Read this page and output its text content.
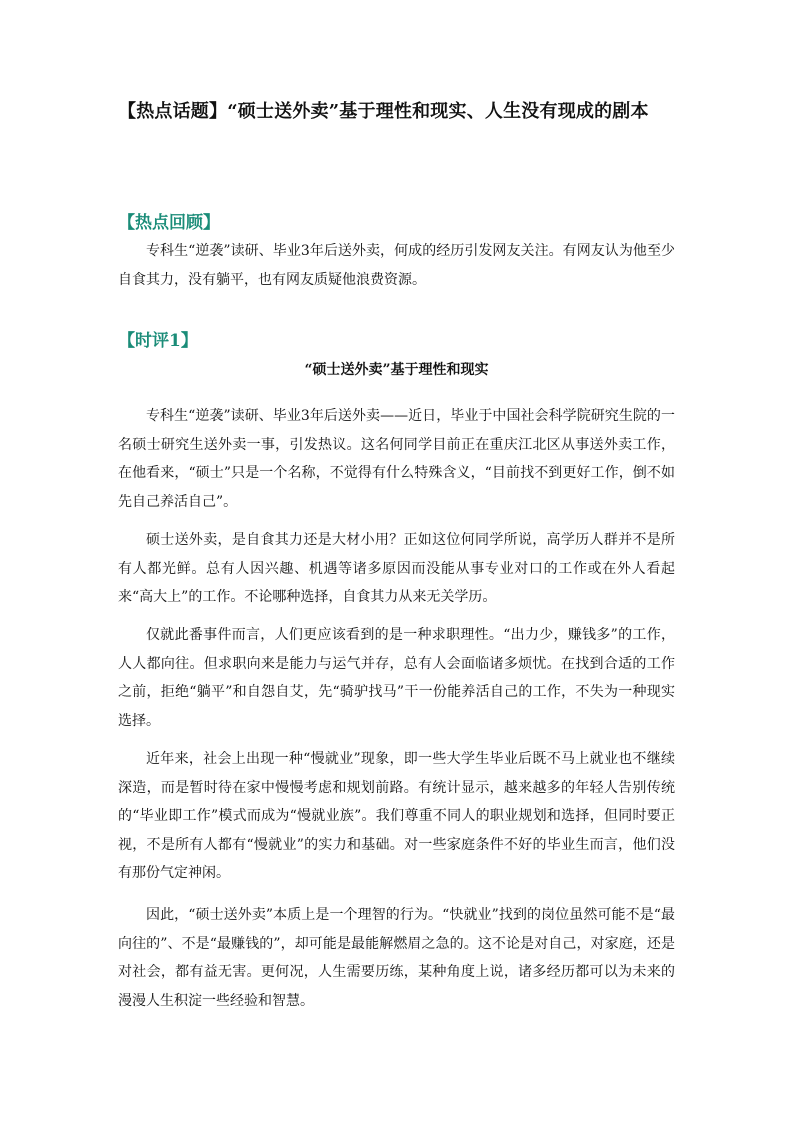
【热点话题】“硕士送外卖”基于理性和现实、人生没有现成的剧本
【热点回顾】

专科生“逆袭”读研、毕业3年后送外卖，何成的经历引发网友关注。有网友认为他至少自食其力，没有躺平，也有网友质疑他浪费资源。

【时评1】
“硕士送外卖”基于理性和现实

专科生“逆袭”读研、毕业3年后送外卖——近日，毕业于中国社会科学院研究生院的一名硕士研究生送外卖一事，引发热议。这名何同学目前正在重庆江北区从事送外卖工作，在他看来，“硕士”只是一个名称，不觉得有什么特殊含义，“目前找不到更好工作，倒不如先自己养活自己”。

硕士送外卖，是自食其力还是大材小用？正如这位何同学所说，高学历人群并不是所有人都光鲜。总有人因兴趣、机遇等诸多原因而没能从事专业对口的工作或在外人看起来“高大上”的工作。不论哪种选择，自食其力从来无关学历。

仅就此番事件而言，人们更应该看到的是一种求职理性。“出力少，赚钱多”的工作，人人都向往。但求职向来是能力与运气并存，总有人会面临诸多烦忧。在找到合适的工作之前，拒绝“躺平”和自怨自艾，先“骑驴找马”干一份能养活自己的工作，不失为一种现实选择。

近年来，社会上出现一种“慢就业”现象，即一些大学生毕业后既不马上就业也不继续深造，而是暂时待在家中慢慢考虑和规划前路。有统计显示，越来越多的年轻人告别传统的“毕业即工作”模式而成为“慢就业族”。我们尊重不同人的职业规划和选择，但同时要正视，不是所有人都有“慢就业”的实力和基础。对一些家庭条件不好的毕业生而言，他们没有那份气定神闲。

因此，“硕士送外卖”本质上是一个理智的行为。“快就业”找到的岗位虽然可能不是“最向往的”、不是“最赚钱的”，却可能是最能解燃眉之急的。这不论是对自己，对家庭，还是对社会，都有益无害。更何况，人生需要历练，某种角度上说，诸多经历都可以为未来的漫漫人生积淀一些经验和智慧。
